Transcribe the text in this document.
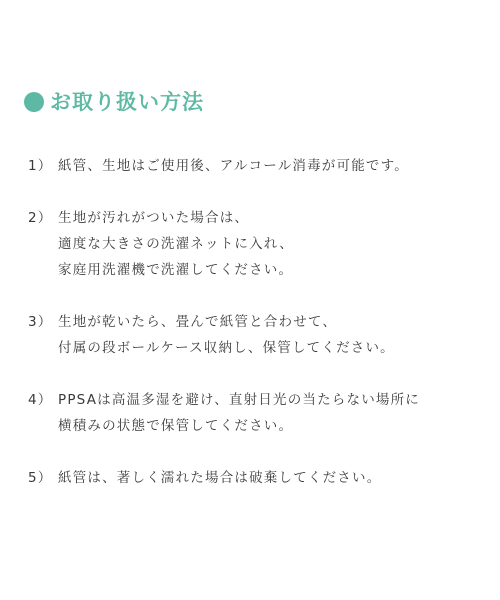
お取り扱い方法
1） 紙管、生地はご使用後、アルコール消毒が可能です。
2） 生地が汚れがついた場合は、
適度な大きさの洗濯ネットに入れ、
家庭用洗濯機で洗濯してください。
3） 生地が乾いたら、畳んで紙管と合わせて、
付属の段ボールケース収納し、保管してください。
4） PPSAは高温多湿を避け、直射日光の当たらない場所に
横積みの状態で保管してください。
5） 紙管は、著しく濡れた場合は破棄してください。
